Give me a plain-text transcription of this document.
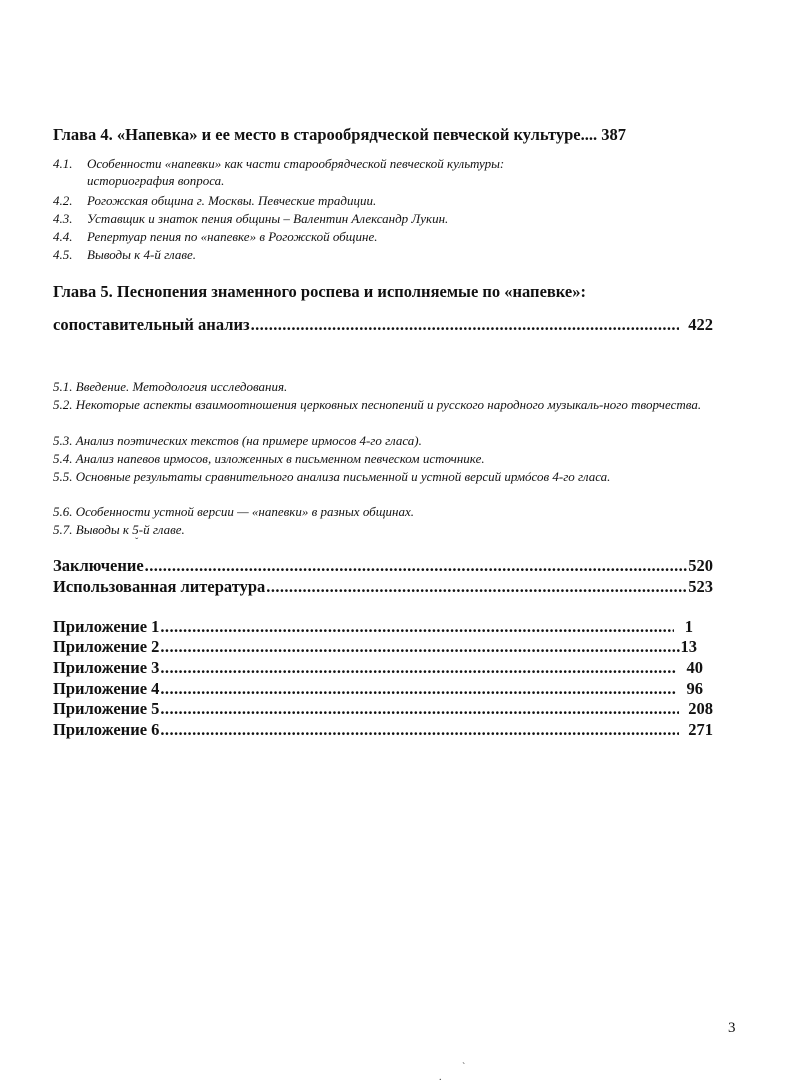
Глава 4. «Напевка» и ее место в старообрядческой певческой культуре.... 387
4.1. Особенности «напевки» как части старообрядческой певческой культуры:
историография вопроса.
4.2. Рогожская община г. Москвы. Певческие традиции.
4.3. Уставщик и знаток пения общины – Валентин Александр Лукин.
4.4. Репертуар пения по «напевке» в Рогожской общине.
4.5. Выводы к 4-й главе.
Глава 5. Песнопения знаменного роспева и исполняемые по «напевке»:
сопоставительный анализ .....	422
5.1. Введение. Методология исследования.
5.2. Некоторые аспекты взаимоотношения церковных песнопений и русского народного музыкаль-ного творчества.
5.3. Анализ поэтических текстов (на примере ирмосов 4-го гласа).
5.4. Анализ напевов ирмосов, изложенных в письменном певческом источнике.
5.5. Основные результаты сравнительного анализа письменной и устной версий ирмóсов 4-го гласа.
5.6. Особенности устной версии — «напевки» в разных общинах.
5.7. Выводы к 5-й главе.
ˇ
Заключение .....	520
Использованная литература .....	523
Приложение 1 .....	1
Приложение 2 .....	13
Приложение 3 .....	40
Приложение 4 .....	96
Приложение 5 .....	208
Приложение 6 .....	271
3
`
.
